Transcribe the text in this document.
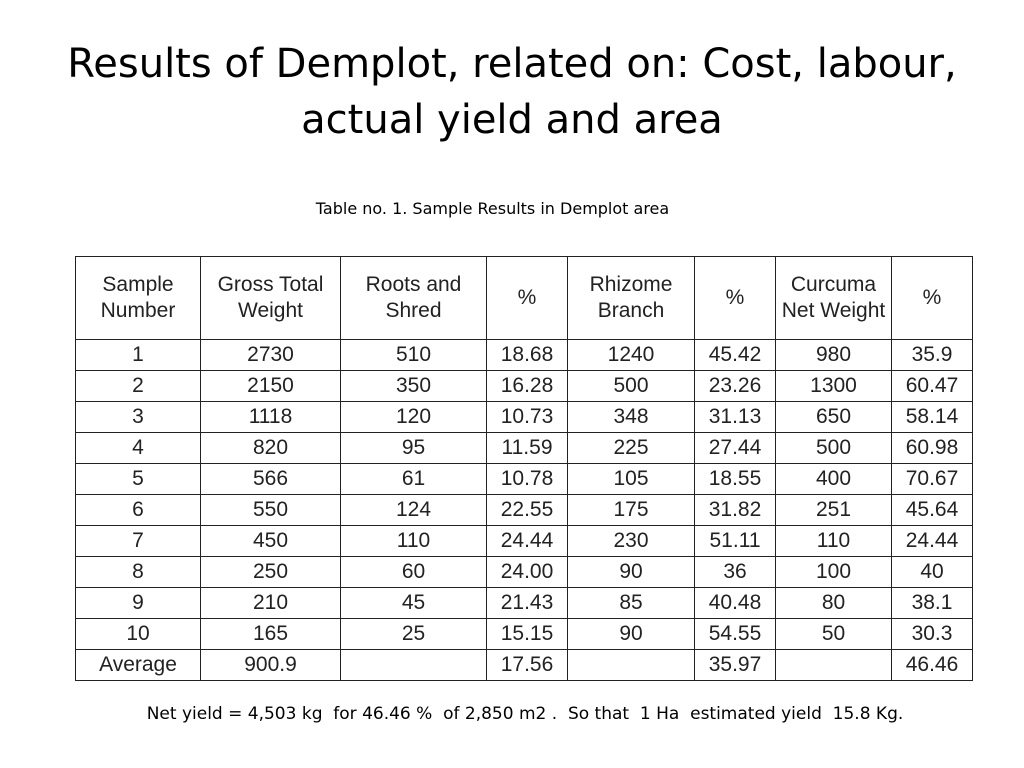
Results of Demplot, related on: Cost, labour, actual yield and area
Table no. 1. Sample Results in Demplot area
Sample Number	Gross Total Weight	Roots and Shred	%	Rhizome Branch	%	Curcuma Net Weight	%
1	2730	510	18.68	1240	45.42	980	35.9
2	2150	350	16.28	500	23.26	1300	60.47
3	1118	120	10.73	348	31.13	650	58.14
4	820	95	11.59	225	27.44	500	60.98
5	566	61	10.78	105	18.55	400	70.67
6	550	124	22.55	175	31.82	251	45.64
7	450	110	24.44	230	51.11	110	24.44
8	250	60	24.00	90	36	100	40
9	210	45	21.43	85	40.48	80	38.1
10	165	25	15.15	90	54.55	50	30.3
Average	900.9		17.56		35.97		46.46
Net yield = 4,503 kg  for 46.46 %  of 2,850 m2 .  So that  1 Ha  estimated yield  15.8 Kg.
